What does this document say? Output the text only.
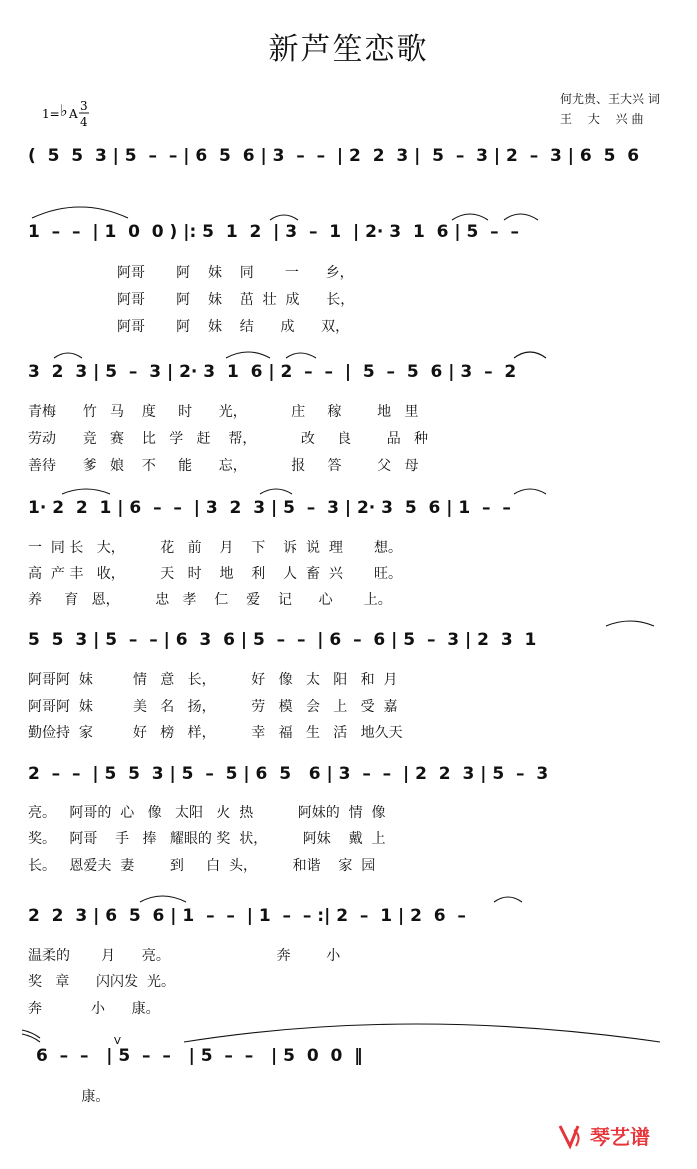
新芦笙恋歌
何尤贵、王大兴 词
王　 大　 兴 曲
1= ♭ A
3
4
(  5  5  3 | 5  –  – | 6  5  6 | 3  –  –  | 2  2  3 |  5  –  3 | 2  –  3 | 6  5  6
1  –  –  | 1  0  0 ) |: 5  1  2  | 3  –  1  | 2· 3  1  6 | 5  –  –
阿哥       阿    妹    同       一      乡，
阿哥       阿    妹    茁  壮  成      长，
阿哥       阿    妹    结      成      双，
3  2  3 | 5  –  3 | 2· 3  1  6 | 2  –  –  |  5  –  5  6 | 3  –  2
青梅      竹   马    度     时      光，          庄     稼        地   里
劳动      竞   赛    比   学   赶    帮，          改     良        品   种
善待      爹   娘    不     能      忘，          报     答        父   母
1· 2  2  1 | 6  –  –  | 3  2  3 | 5  –  3 | 2· 3  5  6 | 1  –  –
一  同 长   大，        花   前    月    下    诉  说  理       想。
高  产 丰   收，        天   时    地    利    人  畜  兴       旺。
养     育   恩，        忠   孝    仁    爱    记      心       上。
5  5  3 | 5  –  – | 6  3  6 | 5  –  –  | 6  –  6 | 5  –  3 | 2  3  1
阿哥阿  妹         情   意   长，        好   像   太   阳   和  月
阿哥阿  妹         美   名   扬，        劳   模   会   上   受  嘉
勤俭持  家         好   榜   样，        幸   福   生   活   地久天
2  –  –  | 5  5  3 | 5  –  5 | 6  5   6 | 3  –  –  | 2  2  3 | 5  –  3
亮。   阿哥的  心   像   太阳   火  热          阿妹的  情  像
奖。   阿哥    手   捧   耀眼的 奖  状，        阿妹    戴  上
长。   恩爱夫  妻        到     白  头，        和谐    家  园
2  2  3 | 6  5  6 | 1  –  –  | 1  –  – :| 2  –  1 | 2  6  –
温柔的       月      亮。                        奔        小
奖   章      闪闪发  光。
奔           小      康。
6  –  –   | 5  –  –   | 5  –  –   | 5  0  0  ‖
康。
V
琴艺谱
